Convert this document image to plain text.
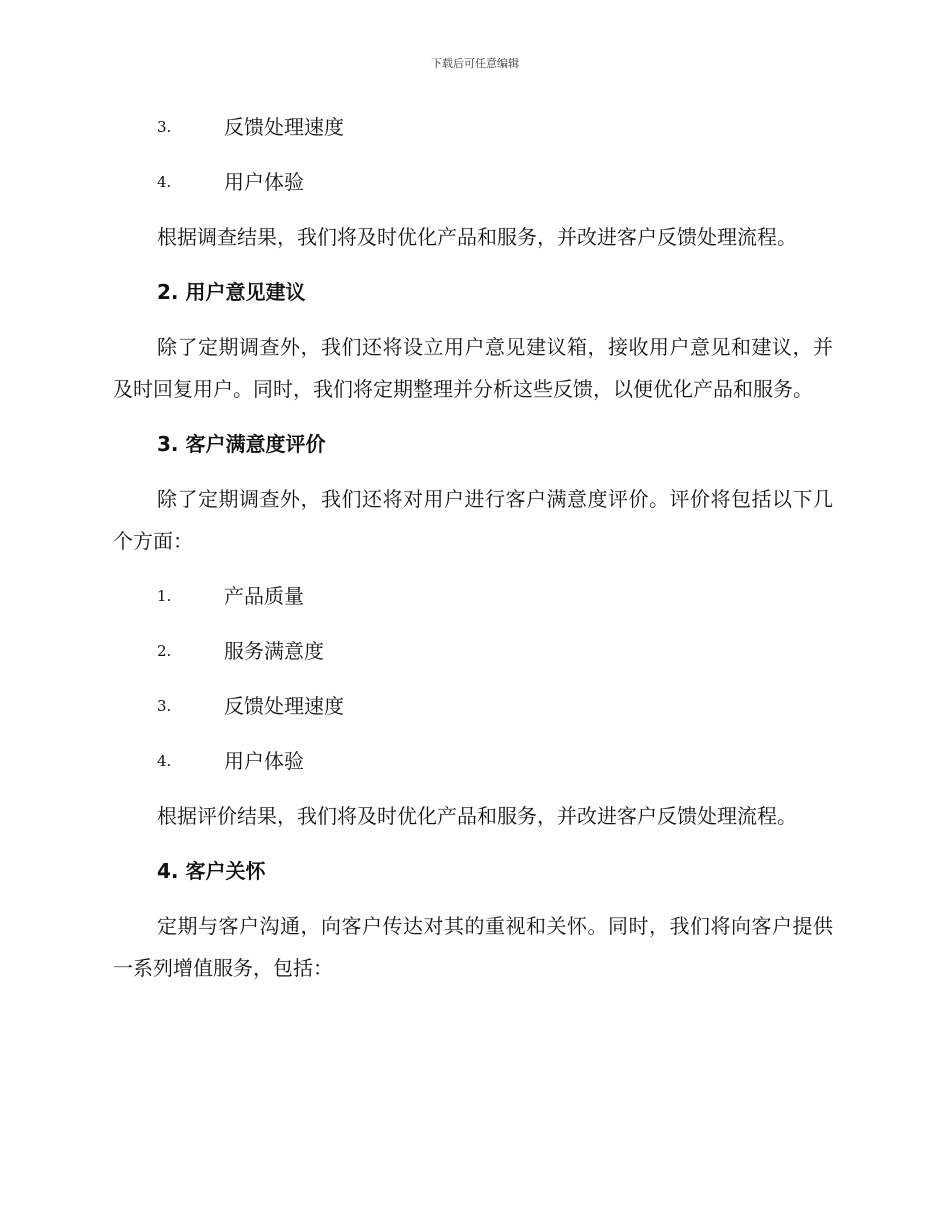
下载后可任意编辑
3.	反馈处理速度
4.	用户体验
根据调查结果，我们将及时优化产品和服务，并改进客户反馈处理流程。
2. 用户意见建议
除了定期调查外，我们还将设立用户意见建议箱，接收用户意见和建议，并及时回复用户。同时，我们将定期整理并分析这些反馈，以便优化产品和服务。
3. 客户满意度评价
除了定期调查外，我们还将对用户进行客户满意度评价。评价将包括以下几个方面：
1.	产品质量
2.	服务满意度
3.	反馈处理速度
4.	用户体验
根据评价结果，我们将及时优化产品和服务，并改进客户反馈处理流程。
4. 客户关怀
定期与客户沟通，向客户传达对其的重视和关怀。同时，我们将向客户提供一系列增值服务，包括：
